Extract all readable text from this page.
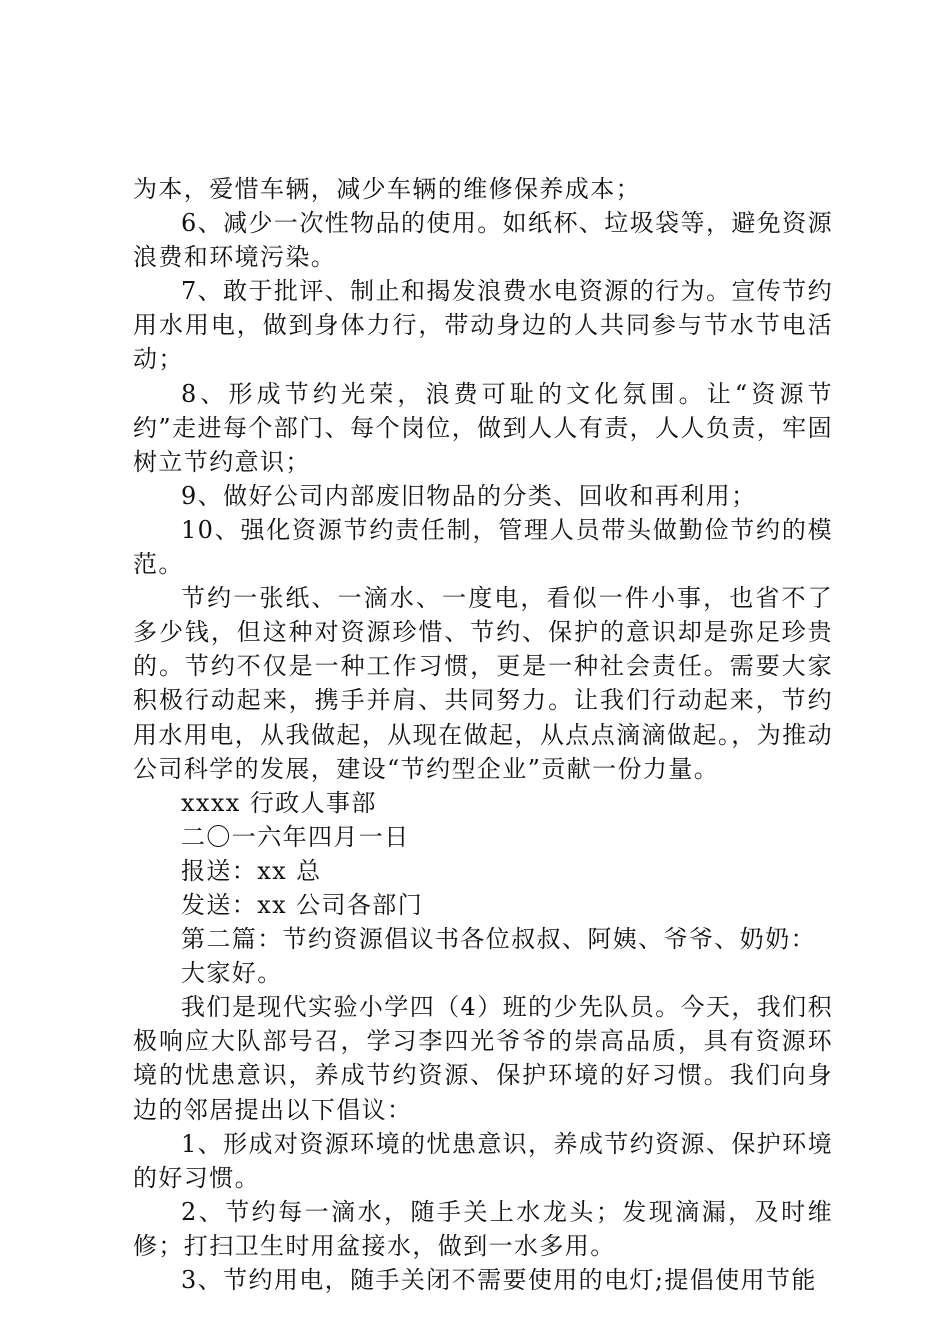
为本，爱惜车辆，减少车辆的维修保养成本；

6、减少一次性物品的使用。如纸杯、垃圾袋等，避免资源浪费和环境污染。

7、敢于批评、制止和揭发浪费水电资源的行为。宣传节约用水用电，做到身体力行，带动身边的人共同参与节水节电活动；

8、形成节约光荣，浪费可耻的文化氛围。让“资源节约”走进每个部门、每个岗位，做到人人有责，人人负责，牢固树立节约意识；

9、做好公司内部废旧物品的分类、回收和再利用；

10、强化资源节约责任制，管理人员带头做勤俭节约的模范。

节约一张纸、一滴水、一度电，看似一件小事，也省不了多少钱，但这种对资源珍惜、节约、保护的意识却是弥足珍贵的。节约不仅是一种工作习惯，更是一种社会责任。需要大家积极行动起来，携手并肩、共同努力。让我们行动起来，节约用水用电，从我做起，从现在做起，从点点滴滴做起。，为推动公司科学的发展，建设“节约型企业”贡献一份力量。

xxxx 行政人事部

二〇一六年四月一日

报送：xx 总

发送：xx 公司各部门

第二篇：节约资源倡议书各位叔叔、阿姨、爷爷、奶奶：

大家好。

我们是现代实验小学四（4）班的少先队员。今天，我们积极响应大队部号召，学习李四光爷爷的崇高品质，具有资源环境的忧患意识，养成节约资源、保护环境的好习惯。我们向身边的邻居提出以下倡议：

1、形成对资源环境的忧患意识，养成节约资源、保护环境的好习惯。

2、节约每一滴水，随手关上水龙头；发现滴漏，及时维修；打扫卫生时用盆接水，做到一水多用。

3、节约用电，随手关闭不需要使用的电灯;提倡使用节能
